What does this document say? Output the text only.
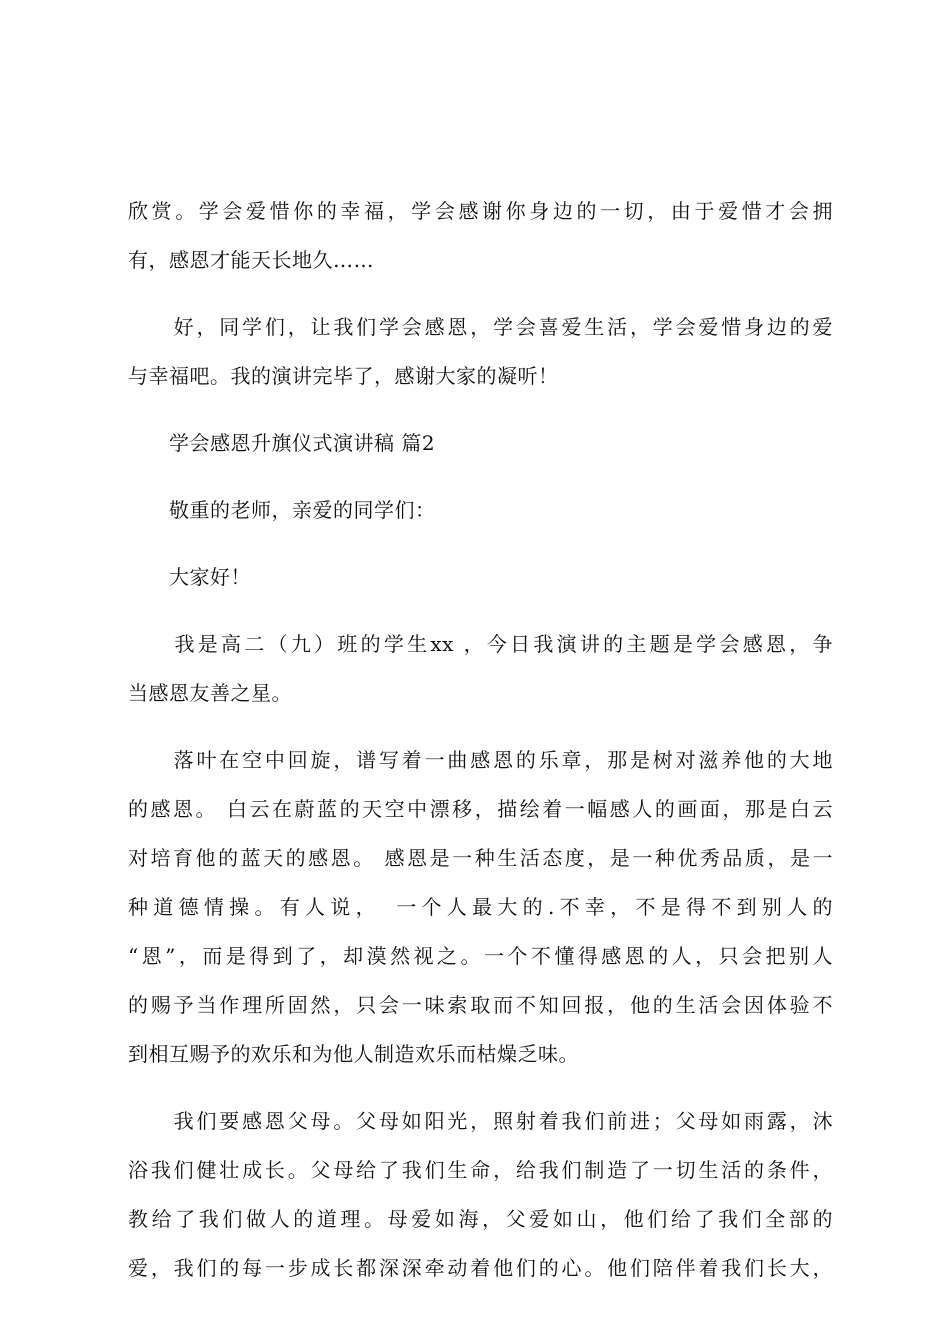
欣赏。学会爱惜你的幸福，学会感谢你身边的一切，由于爱惜才会拥
有，感恩才能天长地久……
　　好，同学们，让我们学会感恩，学会喜爱生活，学会爱惜身边的爱
与幸福吧。我的演讲完毕了，感谢大家的凝听！
　　学会感恩升旗仪式演讲稿 篇2
　　敬重的老师，亲爱的同学们：
　　大家好！
　　我是高二（九）班的学生xx ，今日我演讲的主题是学会感恩，争
当感恩友善之星。
　　落叶在空中回旋，谱写着一曲感恩的乐章，那是树对滋养他的大地
的感恩。 白云在蔚蓝的天空中漂移，描绘着一幅感人的画面，那是白云
对培育他的蓝天的感恩。 感恩是一种生活态度，是一种优秀品质，是一
种道德情操。有人说，　一个人最大的.不幸，不是得不到别人的
“恩”，而是得到了，却漠然视之。一个不懂得感恩的人，只会把别人
的赐予当作理所固然，只会一味索取而不知回报，他的生活会因体验不
到相互赐予的欢乐和为他人制造欢乐而枯燥乏味。
　　我们要感恩父母。父母如阳光，照射着我们前进；父母如雨露，沐
浴我们健壮成长。父母给了我们生命，给我们制造了一切生活的条件，
教给了我们做人的道理。母爱如海，父爱如山，他们给了我们全部的
爱，我们的每一步成长都深深牵动着他们的心。他们陪伴着我们长大，
